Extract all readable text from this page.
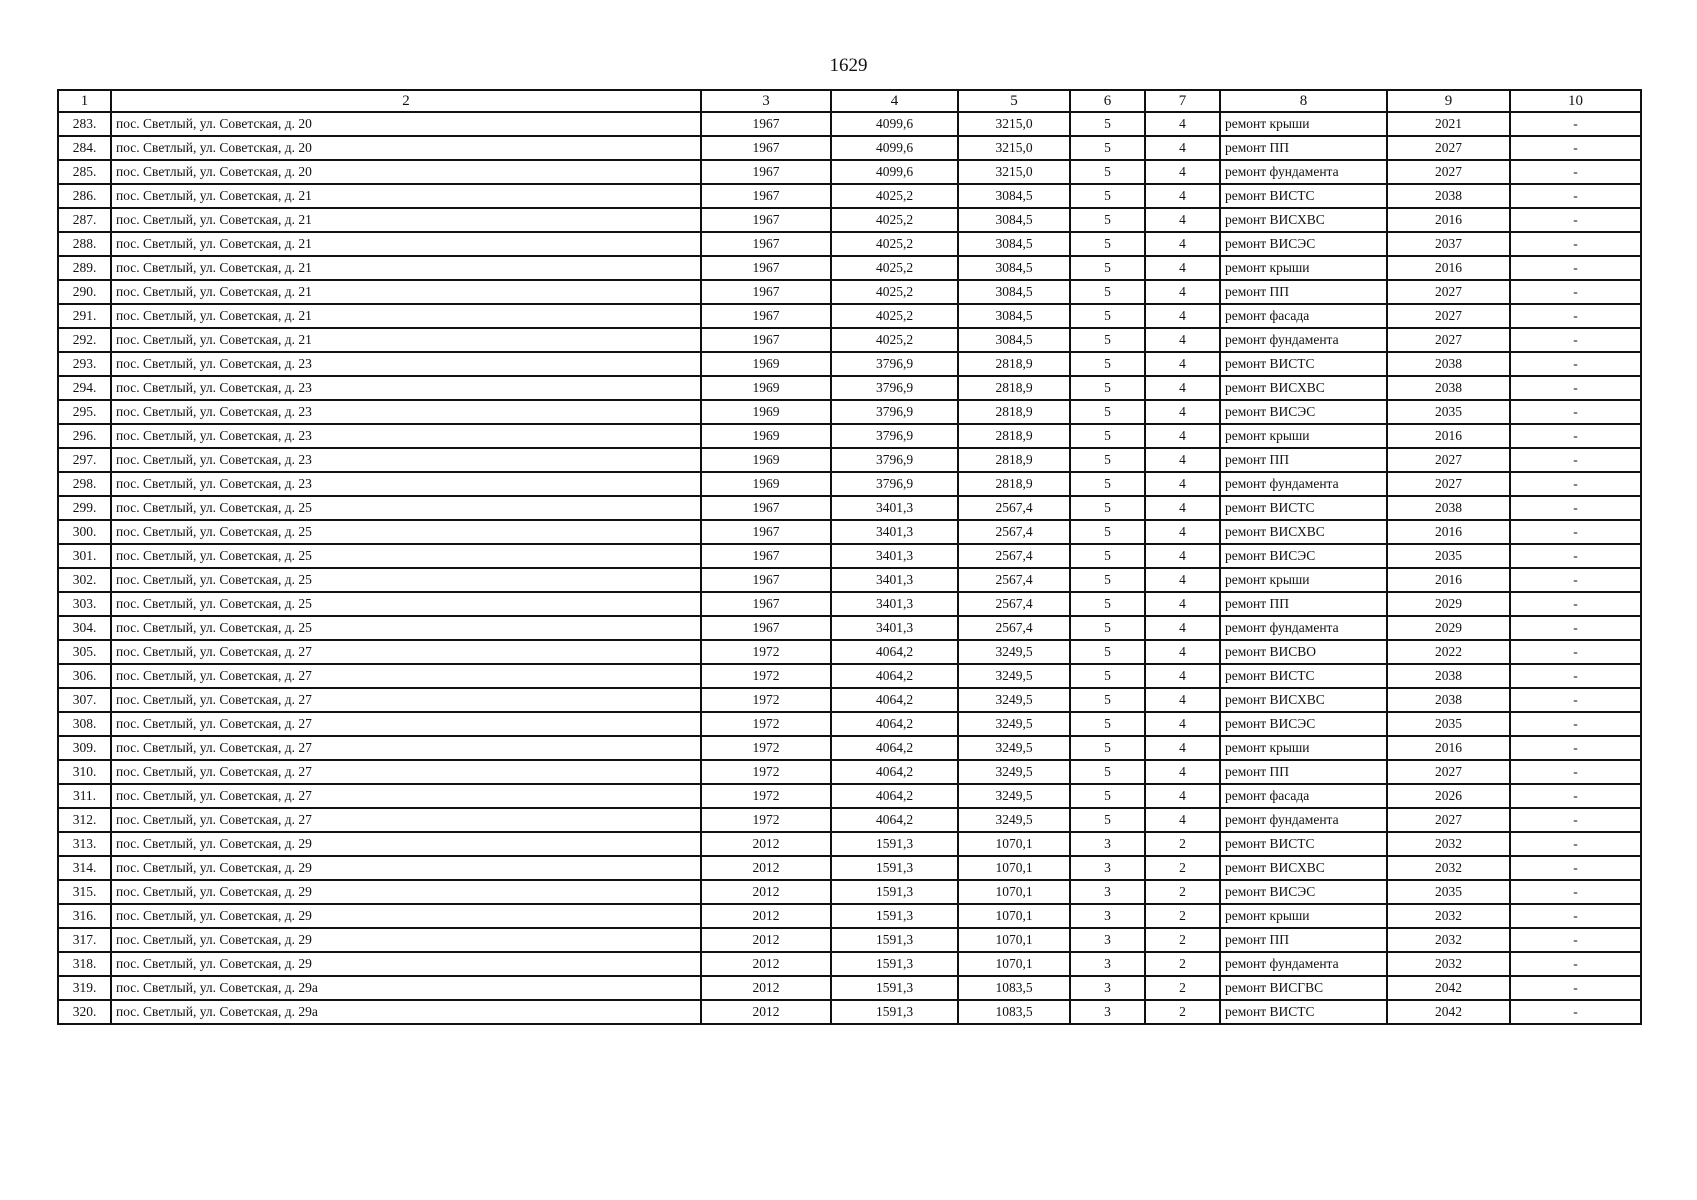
1629
1	2	3	4	5	6	7	8	9	10
283.	пос. Светлый, ул. Советская, д. 20	1967	4099,6	3215,0	5	4	ремонт крыши	2021	-
284.	пос. Светлый, ул. Советская, д. 20	1967	4099,6	3215,0	5	4	ремонт ПП	2027	-
285.	пос. Светлый, ул. Советская, д. 20	1967	4099,6	3215,0	5	4	ремонт фундамента	2027	-
286.	пос. Светлый, ул. Советская, д. 21	1967	4025,2	3084,5	5	4	ремонт ВИСТС	2038	-
287.	пос. Светлый, ул. Советская, д. 21	1967	4025,2	3084,5	5	4	ремонт ВИСХВС	2016	-
288.	пос. Светлый, ул. Советская, д. 21	1967	4025,2	3084,5	5	4	ремонт ВИСЭС	2037	-
289.	пос. Светлый, ул. Советская, д. 21	1967	4025,2	3084,5	5	4	ремонт крыши	2016	-
290.	пос. Светлый, ул. Советская, д. 21	1967	4025,2	3084,5	5	4	ремонт ПП	2027	-
291.	пос. Светлый, ул. Советская, д. 21	1967	4025,2	3084,5	5	4	ремонт фасада	2027	-
292.	пос. Светлый, ул. Советская, д. 21	1967	4025,2	3084,5	5	4	ремонт фундамента	2027	-
293.	пос. Светлый, ул. Советская, д. 23	1969	3796,9	2818,9	5	4	ремонт ВИСТС	2038	-
294.	пос. Светлый, ул. Советская, д. 23	1969	3796,9	2818,9	5	4	ремонт ВИСХВС	2038	-
295.	пос. Светлый, ул. Советская, д. 23	1969	3796,9	2818,9	5	4	ремонт ВИСЭС	2035	-
296.	пос. Светлый, ул. Советская, д. 23	1969	3796,9	2818,9	5	4	ремонт крыши	2016	-
297.	пос. Светлый, ул. Советская, д. 23	1969	3796,9	2818,9	5	4	ремонт ПП	2027	-
298.	пос. Светлый, ул. Советская, д. 23	1969	3796,9	2818,9	5	4	ремонт фундамента	2027	-
299.	пос. Светлый, ул. Советская, д. 25	1967	3401,3	2567,4	5	4	ремонт ВИСТС	2038	-
300.	пос. Светлый, ул. Советская, д. 25	1967	3401,3	2567,4	5	4	ремонт ВИСХВС	2016	-
301.	пос. Светлый, ул. Советская, д. 25	1967	3401,3	2567,4	5	4	ремонт ВИСЭС	2035	-
302.	пос. Светлый, ул. Советская, д. 25	1967	3401,3	2567,4	5	4	ремонт крыши	2016	-
303.	пос. Светлый, ул. Советская, д. 25	1967	3401,3	2567,4	5	4	ремонт ПП	2029	-
304.	пос. Светлый, ул. Советская, д. 25	1967	3401,3	2567,4	5	4	ремонт фундамента	2029	-
305.	пос. Светлый, ул. Советская, д. 27	1972	4064,2	3249,5	5	4	ремонт ВИСВО	2022	-
306.	пос. Светлый, ул. Советская, д. 27	1972	4064,2	3249,5	5	4	ремонт ВИСТС	2038	-
307.	пос. Светлый, ул. Советская, д. 27	1972	4064,2	3249,5	5	4	ремонт ВИСХВС	2038	-
308.	пос. Светлый, ул. Советская, д. 27	1972	4064,2	3249,5	5	4	ремонт ВИСЭС	2035	-
309.	пос. Светлый, ул. Советская, д. 27	1972	4064,2	3249,5	5	4	ремонт крыши	2016	-
310.	пос. Светлый, ул. Советская, д. 27	1972	4064,2	3249,5	5	4	ремонт ПП	2027	-
311.	пос. Светлый, ул. Советская, д. 27	1972	4064,2	3249,5	5	4	ремонт фасада	2026	-
312.	пос. Светлый, ул. Советская, д. 27	1972	4064,2	3249,5	5	4	ремонт фундамента	2027	-
313.	пос. Светлый, ул. Советская, д. 29	2012	1591,3	1070,1	3	2	ремонт ВИСТС	2032	-
314.	пос. Светлый, ул. Советская, д. 29	2012	1591,3	1070,1	3	2	ремонт ВИСХВС	2032	-
315.	пос. Светлый, ул. Советская, д. 29	2012	1591,3	1070,1	3	2	ремонт ВИСЭС	2035	-
316.	пос. Светлый, ул. Советская, д. 29	2012	1591,3	1070,1	3	2	ремонт крыши	2032	-
317.	пос. Светлый, ул. Советская, д. 29	2012	1591,3	1070,1	3	2	ремонт ПП	2032	-
318.	пос. Светлый, ул. Советская, д. 29	2012	1591,3	1070,1	3	2	ремонт фундамента	2032	-
319.	пос. Светлый, ул. Советская, д. 29а	2012	1591,3	1083,5	3	2	ремонт ВИСГВС	2042	-
320.	пос. Светлый, ул. Советская, д. 29а	2012	1591,3	1083,5	3	2	ремонт ВИСТС	2042	-
